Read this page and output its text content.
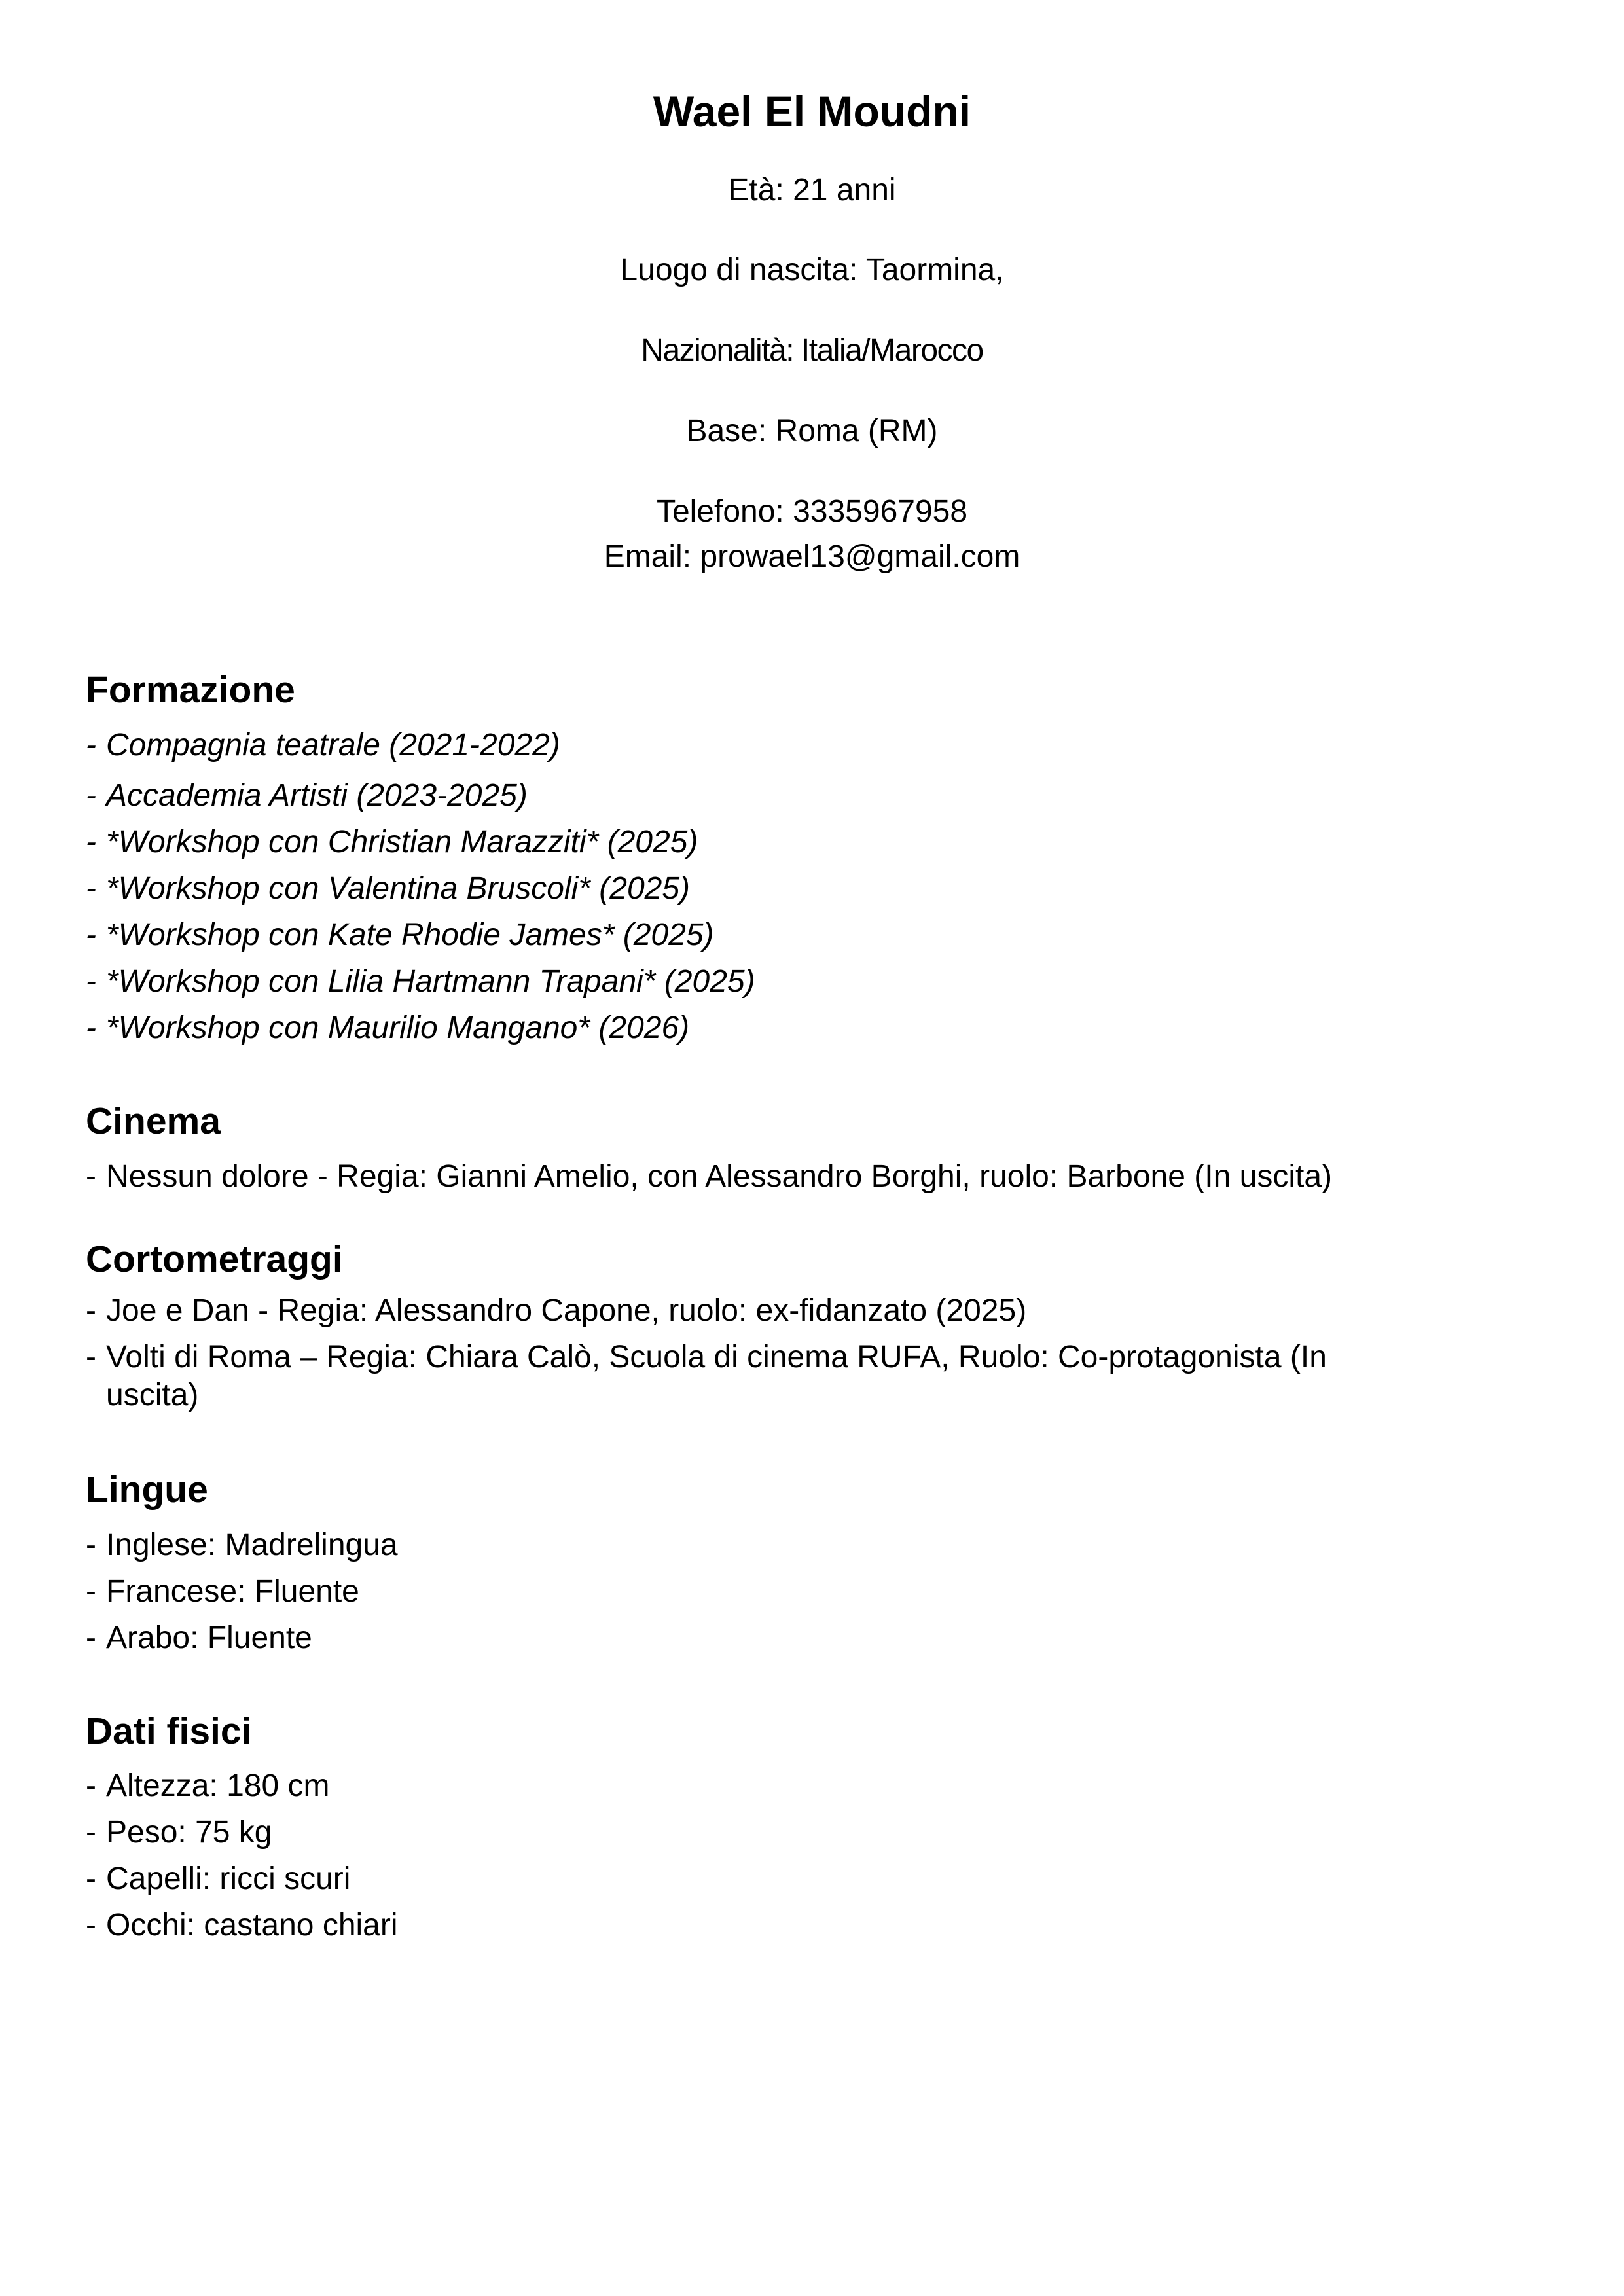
Wael El Moudni
Età: 21 anni
Luogo di nascita: Taormina,
Nazionalità: Italia/Marocco
Base: Roma (RM)
Telefono: 3335967958
Email: prowael13@gmail.com
Formazione
- Compagnia teatrale (2021-2022)
- Accademia Artisti (2023-2025)
- *Workshop con Christian Marazziti* (2025)
- *Workshop con Valentina Bruscoli* (2025)
- *Workshop con Kate Rhodie James* (2025)
- *Workshop con Lilia Hartmann Trapani* (2025)
- *Workshop con Maurilio Mangano* (2026)
Cinema
- Nessun dolore - Regia: Gianni Amelio, con Alessandro Borghi, ruolo: Barbone (In uscita)
Cortometraggi
- Joe e Dan - Regia: Alessandro Capone, ruolo: ex-fidanzato (2025)
- Volti di Roma – Regia: Chiara Calò, Scuola di cinema RUFA, Ruolo: Co-protagonista (In uscita)
Lingue
- Inglese: Madrelingua
- Francese: Fluente
- Arabo: Fluente
Dati fisici
- Altezza: 180 cm
- Peso: 75 kg
- Capelli: ricci scuri
- Occhi: castano chiari
